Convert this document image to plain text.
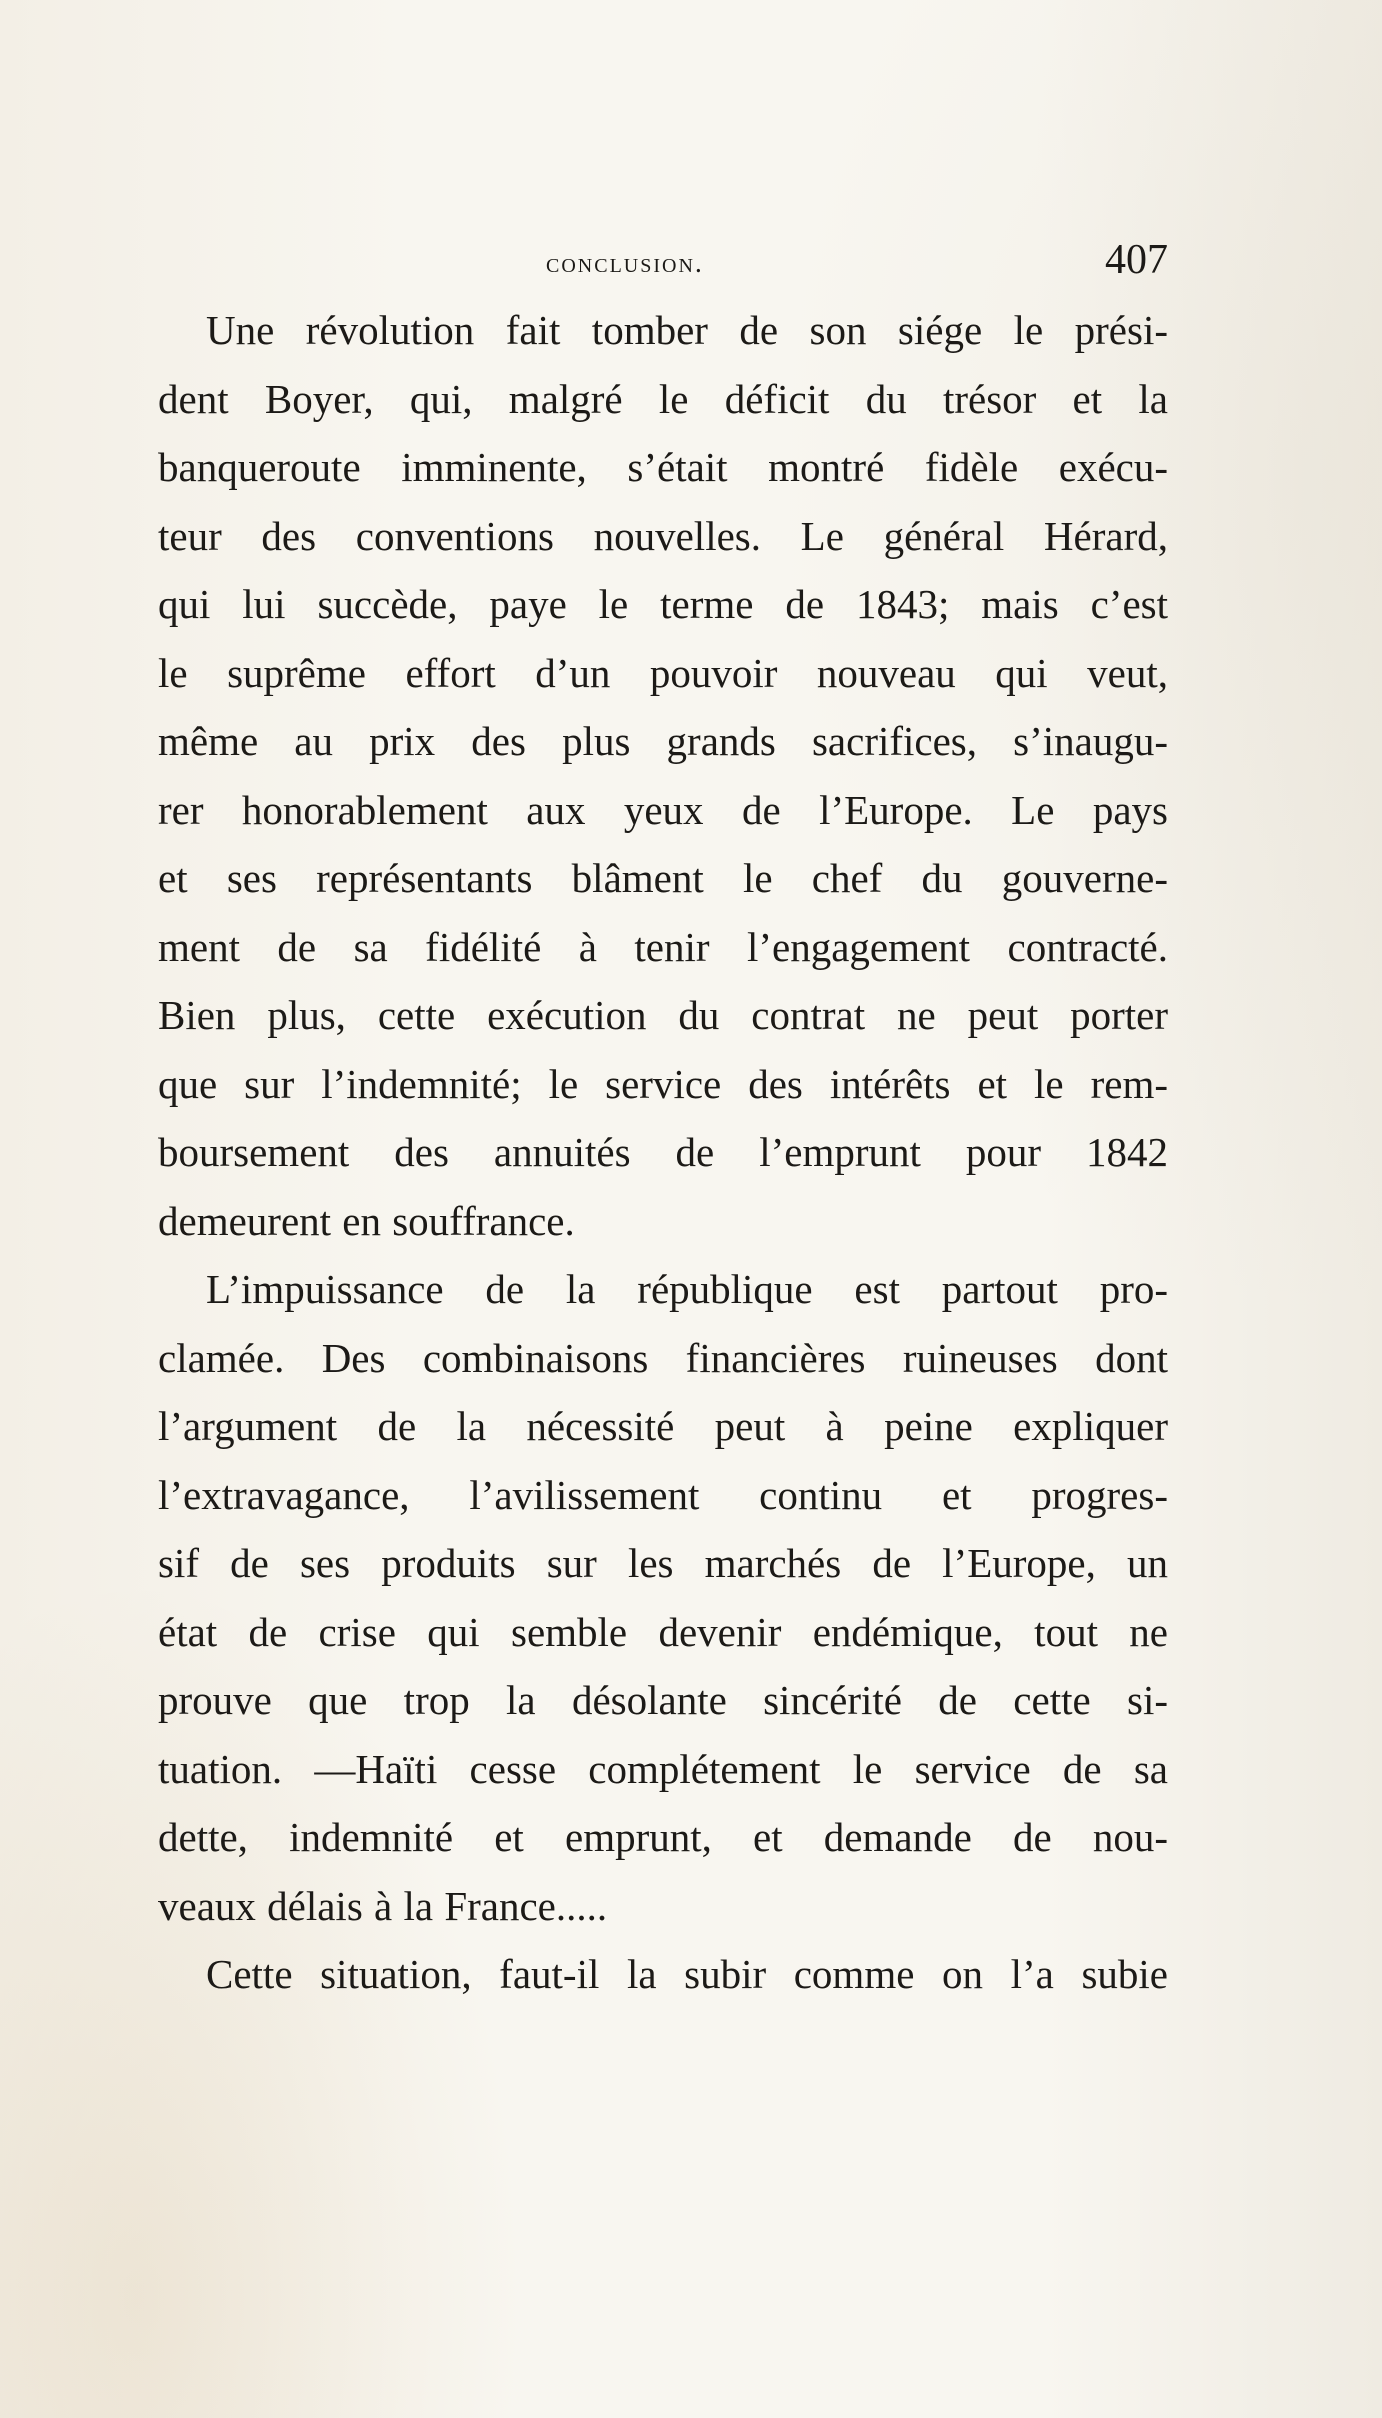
conclusion.	407

Une révolution fait tomber de son siége le prési-
dent Boyer, qui, malgré le déficit du trésor et la
banqueroute imminente, s’était montré fidèle exécu-
teur des conventions nouvelles. Le général Hérard,
qui lui succède, paye le terme de 1843; mais c’est
le suprême effort d’un pouvoir nouveau qui veut,
même au prix des plus grands sacrifices, s’inaugu-
rer honorablement aux yeux de l’Europe. Le pays
et ses représentants blâment le chef du gouverne-
ment de sa fidélité à tenir l’engagement contracté.
Bien plus, cette exécution du contrat ne peut porter
que sur l’indemnité; le service des intérêts et le rem-
boursement des annuités de l’emprunt pour 1842
demeurent en souffrance.

L’impuissance de la république est partout pro-
clamée. Des combinaisons financières ruineuses dont
l’argument de la nécessité peut à peine expliquer
l’extravagance, l’avilissement continu et progres-
sif de ses produits sur les marchés de l’Europe, un
état de crise qui semble devenir endémique, tout ne
prouve que trop la désolante sincérité de cette si-
tuation. —Haïti cesse complétement le service de sa
dette, indemnité et emprunt, et demande de nou-
veaux délais à la France.....

Cette situation, faut-il la subir comme on l’a subie
